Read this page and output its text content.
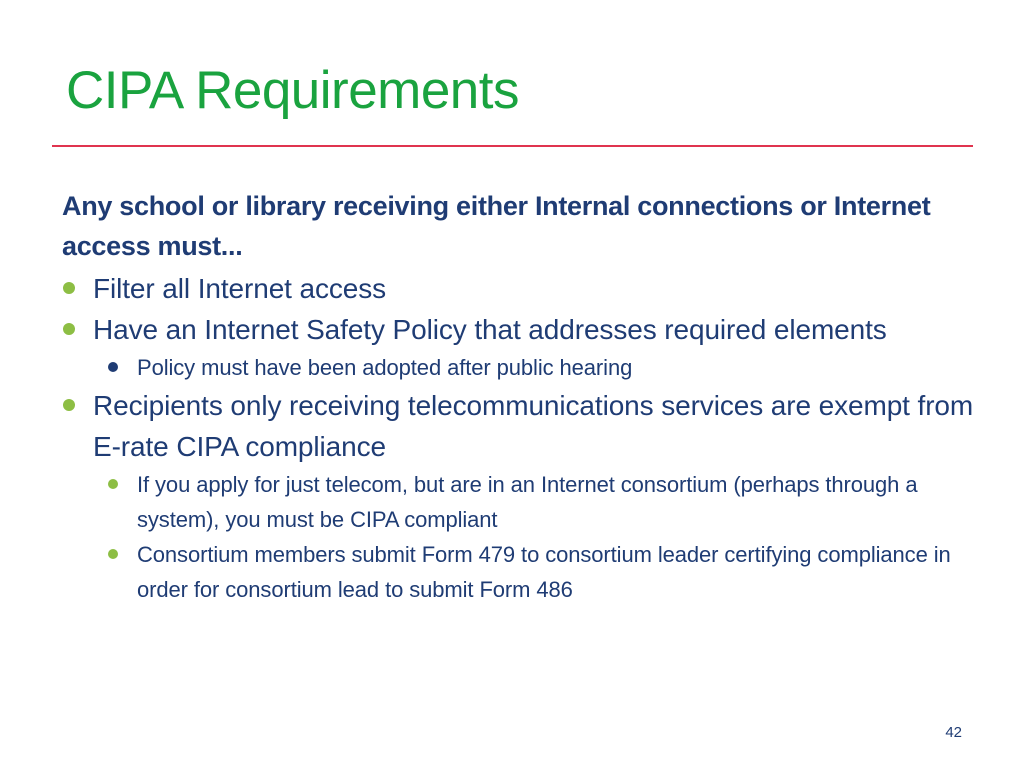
CIPA Requirements

Any school or library receiving either Internal connections or Internet access must...

Filter all Internet access
Have an Internet Safety Policy that addresses required elements
Policy must have been adopted after public hearing
Recipients only receiving telecommunications services are exempt from E-rate CIPA compliance
If you apply for just telecom, but are in an Internet consortium (perhaps through a system), you must be CIPA compliant
Consortium members submit Form 479 to consortium leader certifying compliance in order for consortium lead to submit Form 486
42
